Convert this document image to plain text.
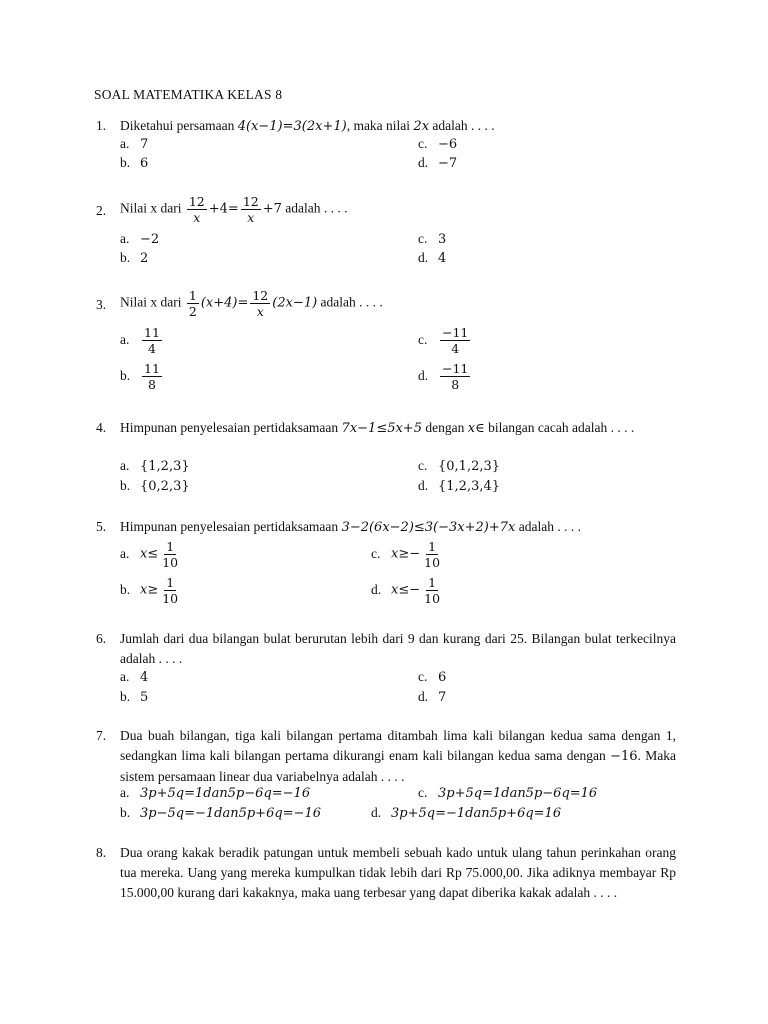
SOAL MATEMATIKA KELAS 8
1.	Diketahui persamaan 4(x−1)=3(2x+1), maka nilai 2x adalah . . . .
a. 7
b. 6
c. −6
d. −7
2.	Nilai x dari $\frac{12}{x} +4= \frac{12}{x} +7$ adalah . . . .
a. −2
b. 2
c. 3
d. 4
3.	Nilai x dari $\frac{1}{2} (x+4)= \frac{12}{x} (2x-1)$ adalah . . . .
a. $\frac{11}{4}$
b. $\frac{11}{8}$
c. $\frac{-11}{4}$
d. $\frac{-11}{8}$
4.	Himpunan penyelesaian pertidaksamaan 7x−1≤5x+5 dengan x∈ bilangan cacah adalah . . . .
a. {1,2,3}
b. {0,2,3}
c. {0,1,2,3}
d. {1,2,3,4}
5.	Himpunan penyelesaian pertidaksamaan 3−2(6x−2)≤3(−3x+2)+7x adalah . . . .
a. $x\le \frac{1}{10}$
b. $x\ge \frac{1}{10}$
c. $x\ge- \frac{1}{10}$
d. $x\le- \frac{1}{10}$
6.	Jumlah dari dua bilangan bulat berurutan lebih dari 9 dan kurang dari 25. Bilangan bulat terkecilnya adalah . . . .
a. 4
b. 5
c. 6
d. 7
7.	Dua buah bilangan, tiga kali bilangan pertama ditambah lima kali bilangan kedua sama dengan 1, sedangkan lima kali bilangan pertama dikurangi enam kali bilangan kedua sama dengan −16. Maka sistem persamaan linear dua variabelnya adalah . . . .
a. 3p+5q=1dan5p−6q=−16
b. 3p−5q=−1dan5p+6q=−16
c. 3p+5q=1dan5p−6q=16
d. 3p+5q=−1dan5p+6q=16
8.	Dua orang kakak beradik patungan untuk membeli sebuah kado untuk ulang tahun perinkahan orang tua mereka. Uang yang mereka kumpulkan tidak lebih dari Rp 75.000,00. Jika adiknya membayar Rp 15.000,00 kurang dari kakaknya, maka uang terbesar yang dapat diberika kakak adalah . . . .
